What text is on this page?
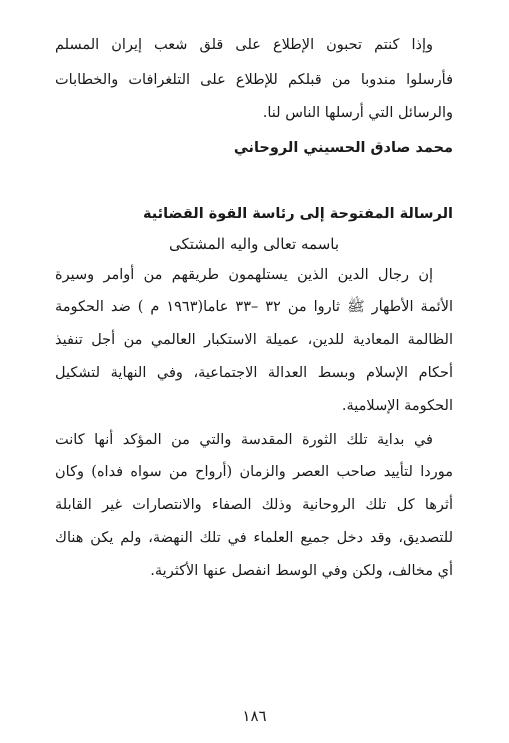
وإذا كنتم تحبون الإطلاع على قلق شعب إيران المسلم
فأرسلوا مندوبا من قبلكم للإطلاع على التلغرافات والخطابات
والرسائل التي أرسلها الناس لنا.
محمد صادق الحسيني الروحاني
الرسالة المفتوحة إلى رئاسة القوة القضائية
باسمه تعالى واليه المشتكى
إن رجال الدين الذين يستلهمون طريقهم من أوامر وسيرة
الأئمة الأطهار ﷺ ثاروا من ٣٢ –٣٣ عاما(١٩٦٣ م ) ضد الحكومة
الظالمة المعادية للدين، عميلة الاستكبار العالمي من أجل تنفيذ
أحكام الإسلام وبسط العدالة الاجتماعية، وفي النهاية لتشكيل
الحكومة الإسلامية.
في بداية تلك الثورة المقدسة والتي من المؤكد أنها كانت
موردا لتأييد صاحب العصر والزمان (أرواح من سواه فداه) وكان
أثرها كل تلك الروحانية وذلك الصفاء والانتصارات غير القابلة
للتصديق، وقد دخل جميع العلماء في تلك النهضة، ولم يكن هناك
أي مخالف، ولكن وفي الوسط انفصل عنها الأكثرية.
١٨٦
